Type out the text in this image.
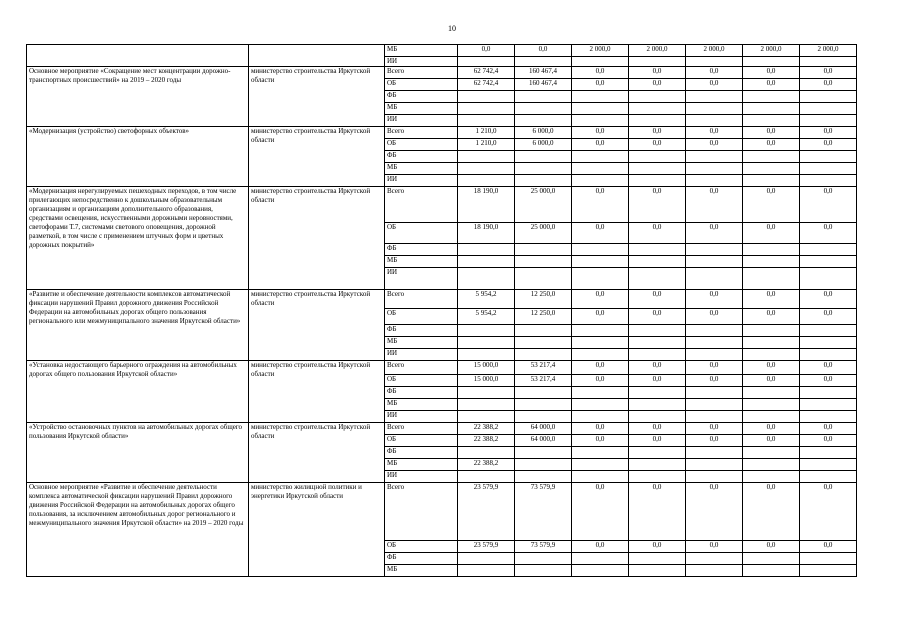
10
		МБ	0,0	0,0	2 000,0	2 000,0	2 000,0	2 000,0	2 000,0
		ИИ							
Основное мероприятие «Сокращение мест концентрации дорожно-транспортных происшествий» на 2019 – 2020 годы	министерство строительства Иркутской области	Всего	62 742,4	160 467,4	0,0	0,0	0,0	0,0	0,0
		ОБ	62 742,4	160 467,4	0,0	0,0	0,0	0,0	0,0
		ФБ							
		МБ							
		ИИ							
«Модернизация (устройство) светофорных объектов»	министерство строительства Иркутской области	Всего	1 210,0	6 000,0	0,0	0,0	0,0	0,0	0,0
		ОБ	1 210,0	6 000,0	0,0	0,0	0,0	0,0	0,0
		ФБ							
		МБ							
		ИИ							
«Модернизация нерегулируемых пешеходных переходов, в том числе прилегающих непосредственно к дошкольным образовательным организациям и организациям дополнительного образования, средствами освещения, искусственными дорожными неровностями, светофорами Т.7, системами светового оповещения, дорожной разметкой, в том числе с применением штучных форм и цветных дорожных покрытий»	министерство строительства Иркутской области	Всего	18 190,0	25 000,0	0,0	0,0	0,0	0,0	0,0
		ОБ	18 190,0	25 000,0	0,0	0,0	0,0	0,0	0,0
		ФБ							
		МБ							
		ИИ							
«Развитие и обеспечение деятельности комплексов автоматической фиксации нарушений Правил дорожного движения Российской Федерации на автомобильных дорогах общего пользования регионального или межмуниципального значения Иркутской области»	министерство строительства Иркутской области	Всего	5 954,2	12 250,0	0,0	0,0	0,0	0,0	0,0
		ОБ	5 954,2	12 250,0	0,0	0,0	0,0	0,0	0,0
		ФБ							
		МБ							
		ИИ							
«Установка недостающего барьерного ограждения на автомобильных дорогах общего пользования Иркутской области»	министерство строительства Иркутской области	Всего	15 000,0	53 217,4	0,0	0,0	0,0	0,0	0,0
		ОБ	15 000,0	53 217,4	0,0	0,0	0,0	0,0	0,0
		ФБ							
		МБ							
		ИИ							
«Устройство остановочных пунктов на автомобильных дорогах общего пользования Иркутской области»	министерство строительства Иркутской области	Всего	22 388,2	64 000,0	0,0	0,0	0,0	0,0	0,0
		ОБ	22 388,2	64 000,0	0,0	0,0	0,0	0,0	0,0
		ФБ							
		МБ	22 388,2						
		ИИ							
Основное мероприятие «Развитие и обеспечение деятельности комплекса автоматической фиксации нарушений Правил дорожного движения Российской Федерации на автомобильных дорогах общего пользования, за исключением автомобильных дорог регионального и межмуниципального значения Иркутской области» на 2019 – 2020 годы	министерство жилищной политики и энергетики Иркутской области	Всего	23 579,9	73 579,9	0,0	0,0	0,0	0,0	0,0
		ОБ	23 579,9	73 579,9	0,0	0,0	0,0	0,0	0,0
		ФБ							
		МБ							
